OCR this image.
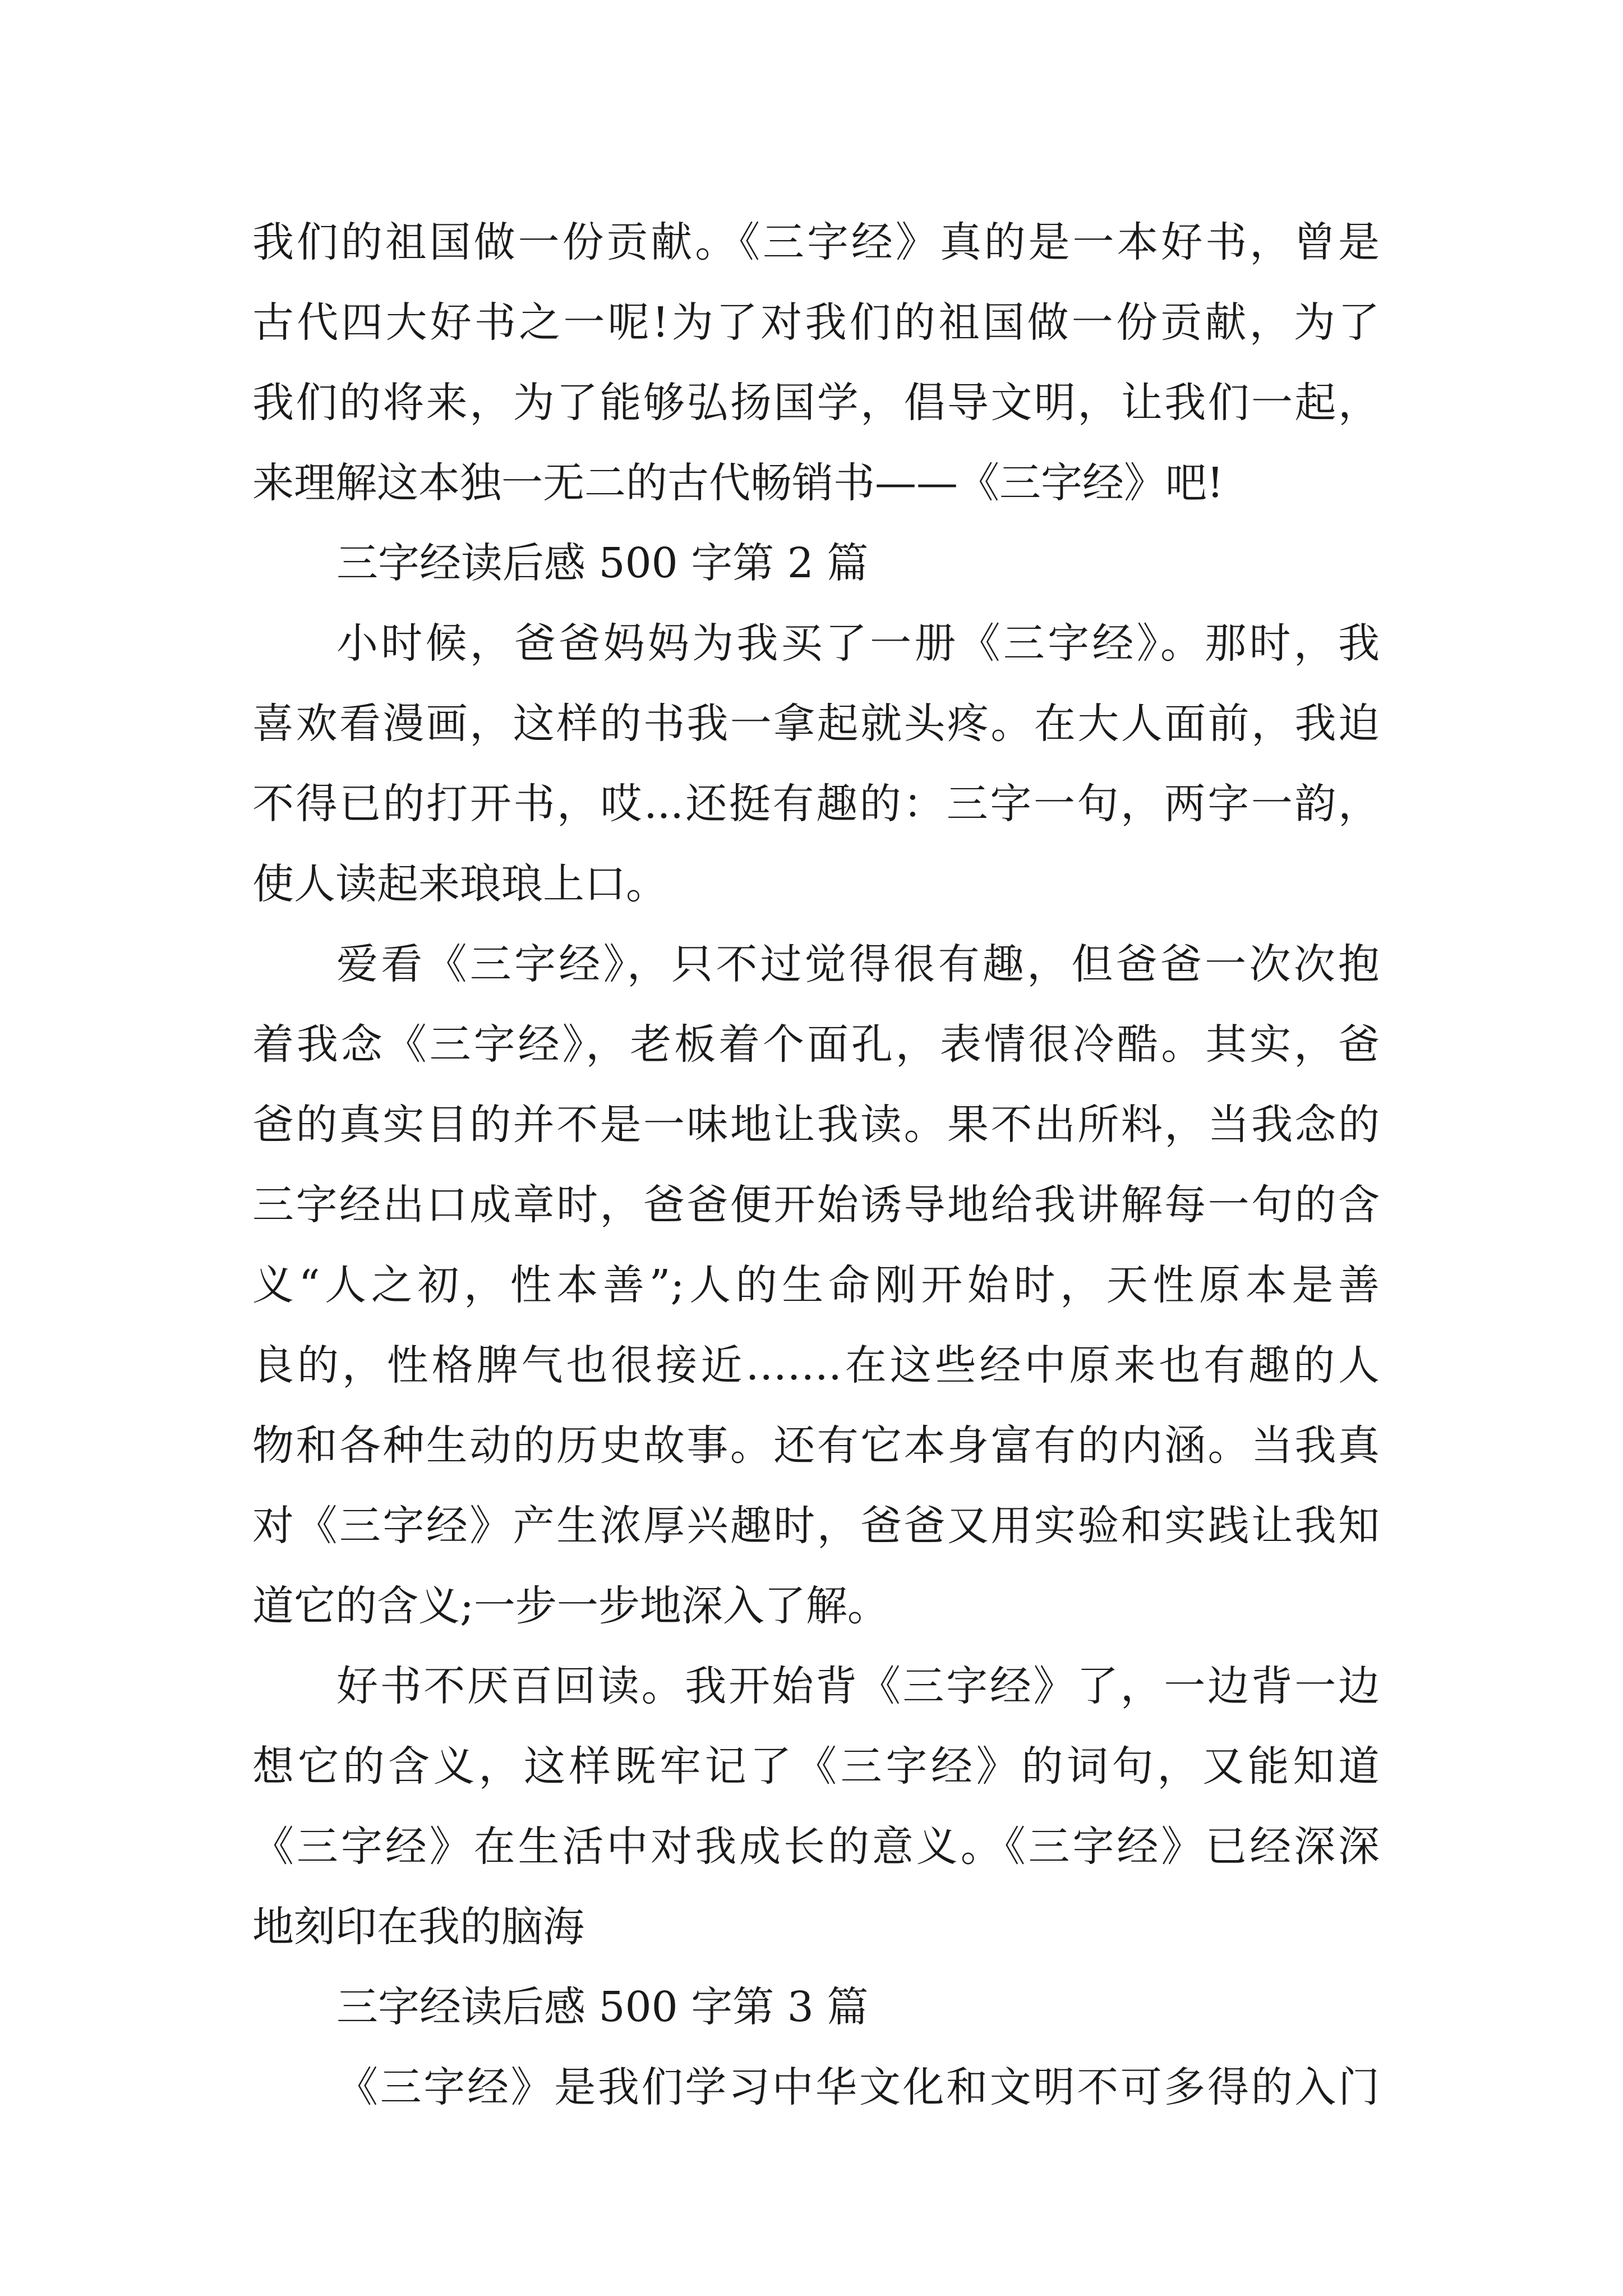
我们的祖国做一份贡献。《三字经》真的是一本好书，曾是
古代四大好书之一呢!为了对我们的祖国做一份贡献，为了
我们的将来，为了能够弘扬国学，倡导文明，让我们一起，
来理解这本独一无二的古代畅销书——《三字经》吧!
三字经读后感 500 字第 2 篇
小时候，爸爸妈妈为我买了一册《三字经》。那时，我
喜欢看漫画，这样的书我一拿起就头疼。在大人面前，我迫
不得已的打开书，哎...还挺有趣的：三字一句，两字一韵，
使人读起来琅琅上口。
爱看《三字经》，只不过觉得很有趣，但爸爸一次次抱
着我念《三字经》，老板着个面孔，表情很冷酷。其实，爸
爸的真实目的并不是一味地让我读。果不出所料，当我念的
三字经出口成章时，爸爸便开始诱导地给我讲解每一句的含
义“人之初，性本善”;人的生命刚开始时，天性原本是善
良的，性格脾气也很接近…….在这些经中原来也有趣的人
物和各种生动的历史故事。还有它本身富有的内涵。当我真
对《三字经》产生浓厚兴趣时，爸爸又用实验和实践让我知
道它的含义;一步一步地深入了解。
好书不厌百回读。我开始背《三字经》了，一边背一边
想它的含义，这样既牢记了《三字经》的词句，又能知道
《三字经》在生活中对我成长的意义。《三字经》已经深深
地刻印在我的脑海
三字经读后感 500 字第 3 篇
《三字经》是我们学习中华文化和文明不可多得的入门
